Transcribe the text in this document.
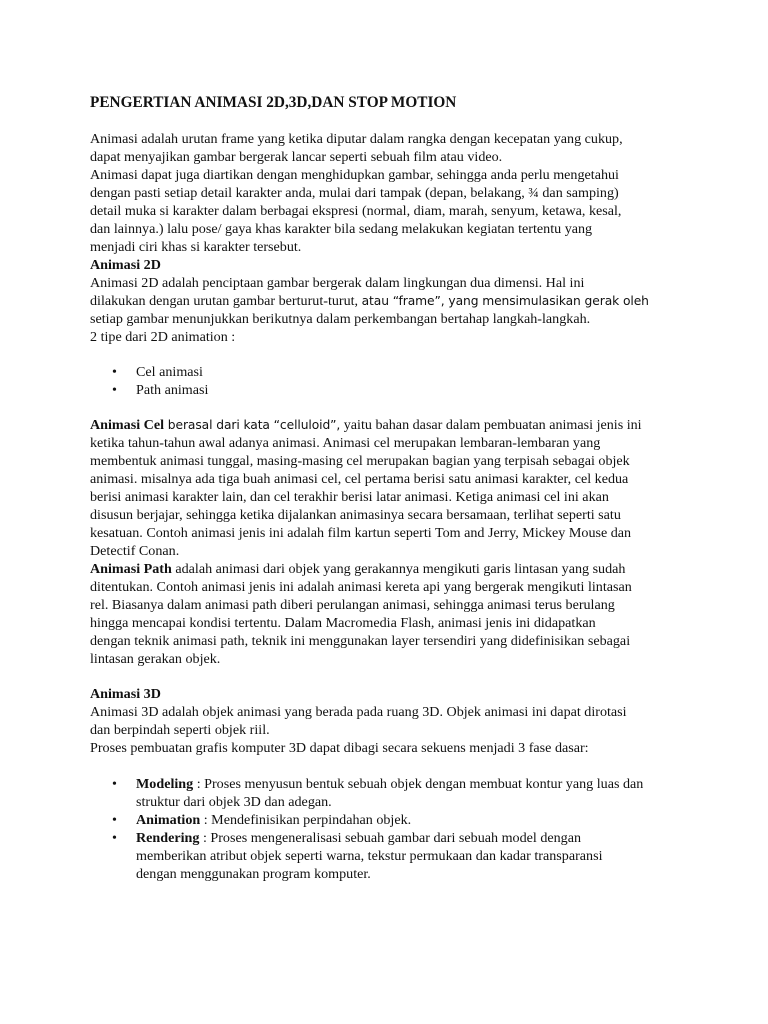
PENGERTIAN ANIMASI 2D,3D,DAN STOP MOTION
Animasi adalah urutan frame yang ketika diputar dalam rangka dengan kecepatan yang cukup,
dapat menyajikan gambar bergerak lancar seperti sebuah film atau video.
Animasi dapat juga diartikan dengan menghidupkan gambar, sehingga anda perlu mengetahui
dengan pasti setiap detail karakter anda, mulai dari tampak (depan, belakang, ¾ dan samping)
detail muka si karakter dalam berbagai ekspresi (normal, diam, marah, senyum, ketawa, kesal,
dan lainnya.) lalu pose/ gaya khas karakter bila sedang melakukan kegiatan tertentu yang
menjadi ciri khas si karakter tersebut.
Animasi 2D
Animasi 2D adalah penciptaan gambar bergerak dalam lingkungan dua dimensi. Hal ini
dilakukan dengan urutan gambar berturut-turut, atau “frame”, yang mensimulasikan gerak oleh
setiap gambar menunjukkan berikutnya dalam perkembangan bertahap langkah-langkah.
2 tipe dari 2D animation :
• Cel animasi
• Path animasi
Animasi Cel berasal dari kata “celluloid”, yaitu bahan dasar dalam pembuatan animasi jenis ini
ketika tahun-tahun awal adanya animasi. Animasi cel merupakan lembaran-lembaran yang
membentuk animasi tunggal, masing-masing cel merupakan bagian yang terpisah sebagai objek
animasi. misalnya ada tiga buah animasi cel, cel pertama berisi satu animasi karakter, cel kedua
berisi animasi karakter lain, dan cel terakhir berisi latar animasi. Ketiga animasi cel ini akan
disusun berjajar, sehingga ketika dijalankan animasinya secara bersamaan, terlihat seperti satu
kesatuan. Contoh animasi jenis ini adalah film kartun seperti Tom and Jerry, Mickey Mouse dan
Detectif Conan.
Animasi Path adalah animasi dari objek yang gerakannya mengikuti garis lintasan yang sudah
ditentukan. Contoh animasi jenis ini adalah animasi kereta api yang bergerak mengikuti lintasan
rel. Biasanya dalam animasi path diberi perulangan animasi, sehingga animasi terus berulang
hingga mencapai kondisi tertentu. Dalam Macromedia Flash, animasi jenis ini didapatkan
dengan teknik animasi path, teknik ini menggunakan layer tersendiri yang didefinisikan sebagai
lintasan gerakan objek.
Animasi 3D
Animasi 3D adalah objek animasi yang berada pada ruang 3D. Objek animasi ini dapat dirotasi
dan berpindah seperti objek riil.
Proses pembuatan grafis komputer 3D dapat dibagi secara sekuens menjadi 3 fase dasar:
• Modeling : Proses menyusun bentuk sebuah objek dengan membuat kontur yang luas dan
struktur dari objek 3D dan adegan.
• Animation : Mendefinisikan perpindahan objek.
• Rendering : Proses mengeneralisasi sebuah gambar dari sebuah model dengan
memberikan atribut objek seperti warna, tekstur permukaan dan kadar transparansi
dengan menggunakan program komputer.
